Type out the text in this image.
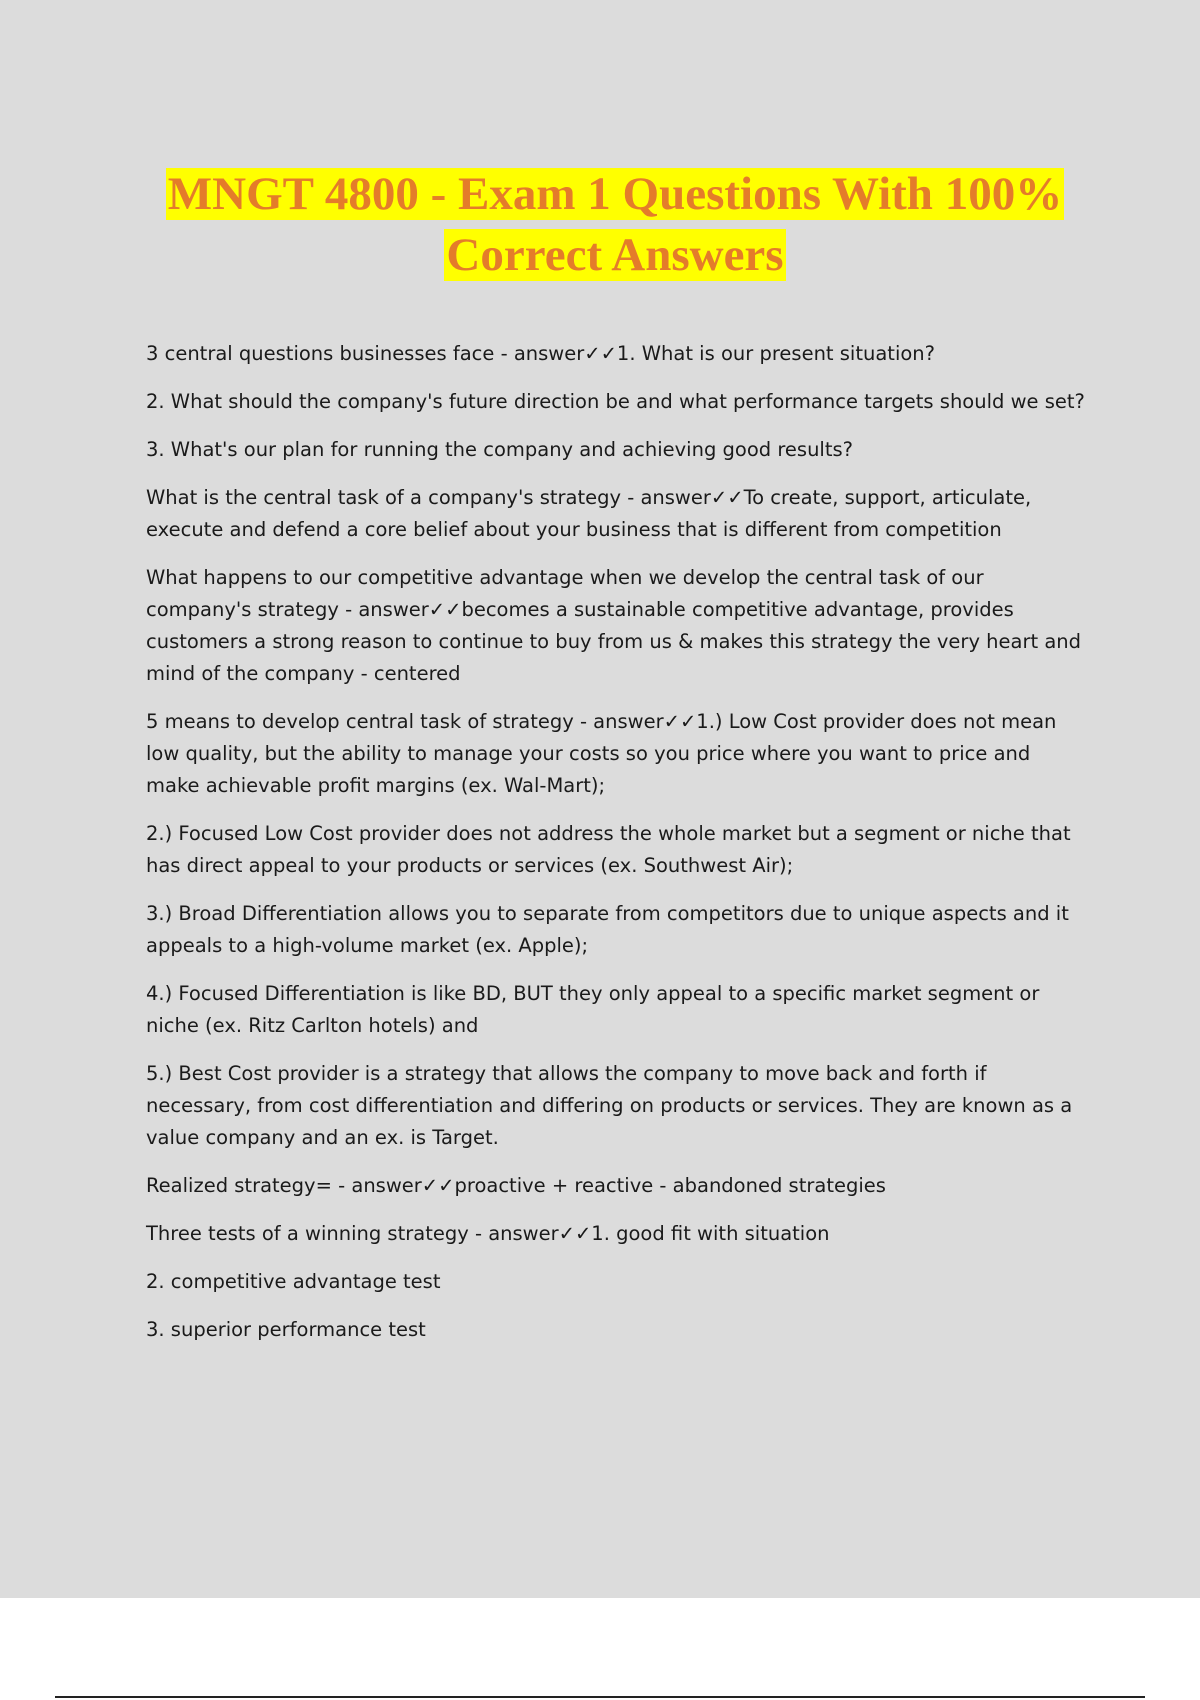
MNGT 4800 - Exam 1 Questions With 100% Correct Answers

3 central questions businesses face - answer✓✓1. What is our present situation?

2. What should the company's future direction be and what performance targets should we set?

3. What's our plan for running the company and achieving good results?

What is the central task of a company's strategy - answer✓✓To create, support, articulate, execute and defend a core belief about your business that is different from competition

What happens to our competitive advantage when we develop the central task of our company's strategy - answer✓✓becomes a sustainable competitive advantage, provides customers a strong reason to continue to buy from us & makes this strategy the very heart and mind of the company - centered

5 means to develop central task of strategy - answer✓✓1.) Low Cost provider does not mean low quality, but the ability to manage your costs so you price where you want to price and make achievable profit margins (ex. Wal-Mart);

2.) Focused Low Cost provider does not address the whole market but a segment or niche that has direct appeal to your products or services (ex. Southwest Air);

3.) Broad Differentiation allows you to separate from competitors due to unique aspects and it appeals to a high-volume market (ex. Apple);

4.) Focused Differentiation is like BD, BUT they only appeal to a specific market segment or niche (ex. Ritz Carlton hotels) and

5.) Best Cost provider is a strategy that allows the company to move back and forth if necessary, from cost differentiation and differing on products or services. They are known as a value company and an ex. is Target.

Realized strategy= - answer✓✓proactive + reactive - abandoned strategies

Three tests of a winning strategy - answer✓✓1. good fit with situation

2. competitive advantage test

3. superior performance test
